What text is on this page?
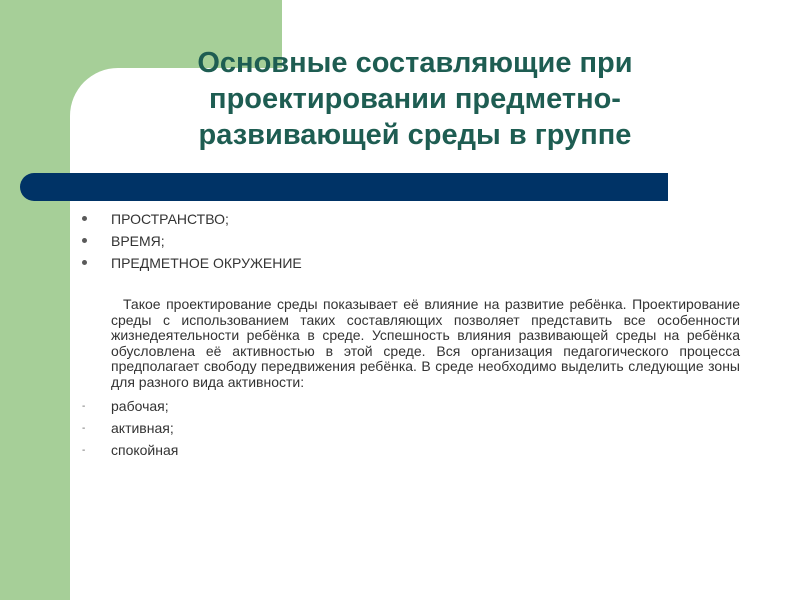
Основные составляющие при проектировании предметно-развивающей среды в группе
ПРОСТРАНСТВО;
ВРЕМЯ;
ПРЕДМЕТНОЕ ОКРУЖЕНИЕ

Такое проектирование среды показывает её влияние на развитие ребёнка. Проектирование среды с использованием таких составляющих позволяет представить все особенности жизнедеятельности ребёнка в среде. Успешность влияния развивающей среды на ребёнка обусловлена её активностью в этой среде. Вся организация педагогического процесса предполагает свободу передвижения ребёнка. В среде необходимо выделить следующие зоны для разного вида активности:

- рабочая;
- активная;
- спокойная
